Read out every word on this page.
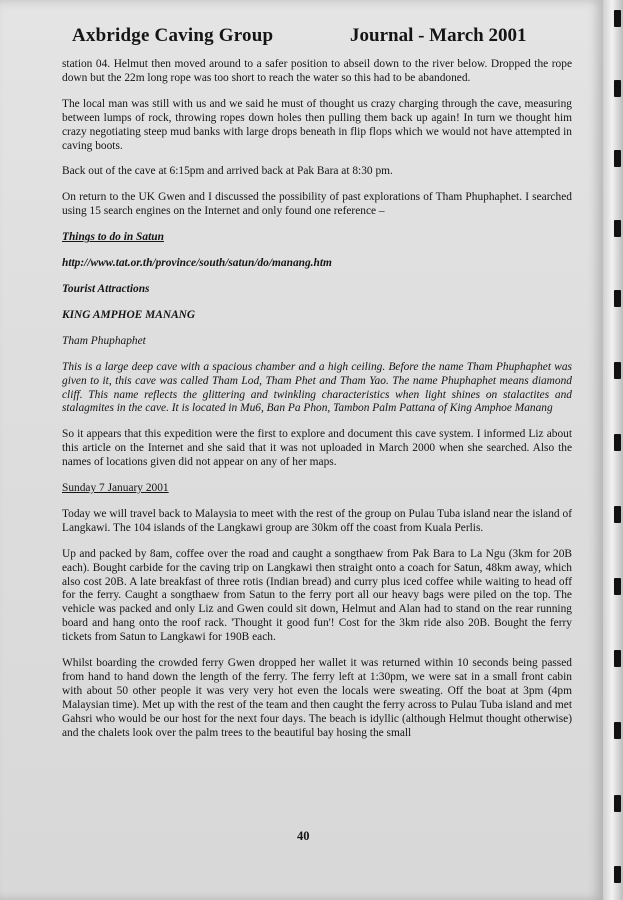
Axbridge Caving Group	Journal - March 2001

station 04. Helmut then moved around to a safer position to abseil down to the river below. Dropped the rope down but the 22m long rope was too short to reach the water so this had to be abandoned.

The local man was still with us and we said he must of thought us crazy charging through the cave, measuring between lumps of rock, throwing ropes down holes then pulling them back up again! In turn we thought him crazy negotiating steep mud banks with large drops beneath in flip flops which we would not have attempted in caving boots.

Back out of the cave at 6:15pm and arrived back at Pak Bara at 8:30 pm.

On return to the UK Gwen and I discussed the possibility of past explorations of Tham Phuphaphet. I searched using 15 search engines on the Internet and only found one reference –

Things to do in Satun

http://www.tat.or.th/province/south/satun/do/manang.htm

Tourist Attractions

KING AMPHOE MANANG

Tham Phuphaphet

This is a large deep cave with a spacious chamber and a high ceiling. Before the name Tham Phuphaphet was given to it, this cave was called Tham Lod, Tham Phet and Tham Yao. The name Phuphaphet means diamond cliff. This name reflects the glittering and twinkling characteristics when light shines on stalactites and stalagmites in the cave. It is located in Mu6, Ban Pa Phon, Tambon Palm Pattana of King Amphoe Manang

So it appears that this expedition were the first to explore and document this cave system. I informed Liz about this article on the Internet and she said that it was not uploaded in March 2000 when she searched. Also the names of locations given did not appear on any of her maps.

Sunday 7 January 2001

Today we will travel back to Malaysia to meet with the rest of the group on Pulau Tuba island near the island of Langkawi. The 104 islands of the Langkawi group are 30km off the coast from Kuala Perlis.

Up and packed by 8am, coffee over the road and caught a songthaew from Pak Bara to La Ngu (3km for 20B each). Bought carbide for the caving trip on Langkawi then straight onto a coach for Satun, 48km away, which also cost 20B. A late breakfast of three rotis (Indian bread) and curry plus iced coffee while waiting to head off for the ferry. Caught a songthaew from Satun to the ferry port all our heavy bags were piled on the top. The vehicle was packed and only Liz and Gwen could sit down, Helmut and Alan had to stand on the rear running board and hang onto the roof rack. 'Thought it good fun'! Cost for the 3km ride also 20B. Bought the ferry tickets from Satun to Langkawi for 190B each.

Whilst boarding the crowded ferry Gwen dropped her wallet it was returned within 10 seconds being passed from hand to hand down the length of the ferry. The ferry left at 1:30pm, we were sat in a small front cabin with about 50 other people it was very very hot even the locals were sweating. Off the boat at 3pm (4pm Malaysian time). Met up with the rest of the team and then caught the ferry across to Pulau Tuba island and met Gahsri who would be our host for the next four days. The beach is idyllic (although Helmut thought otherwise) and the chalets look over the palm trees to the beautiful bay hosing the small

40
